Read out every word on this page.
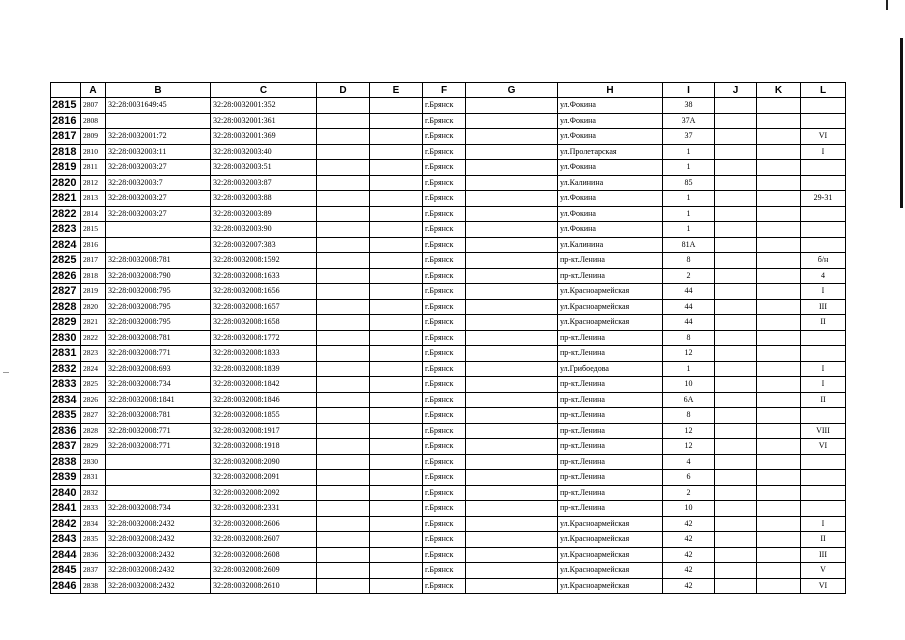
	A	B	C	D	E	F	G	H	I	J	K	L
2815	2807	32:28:0031649:45	32:28:0032001:352			г.Брянск		ул.Фокина	38			
2816	2808		32:28:0032001:361			г.Брянск		ул.Фокина	37А			
2817	2809	32:28:0032001:72	32:28:0032001:369			г.Брянск		ул.Фокина	37			VI
2818	2810	32:28:0032003:11	32:28:0032003:40			г.Брянск		ул.Пролетарская	1			I
2819	2811	32:28:0032003:27	32:28:0032003:51			г.Брянск		ул.Фокина	1			
2820	2812	32:28:0032003:7	32:28:0032003:87			г.Брянск		ул.Калинина	85			
2821	2813	32:28:0032003:27	32:28:0032003:88			г.Брянск		ул.Фокина	1			29-31
2822	2814	32:28:0032003:27	32:28:0032003:89			г.Брянск		ул.Фокина	1			
2823	2815		32:28:0032003:90			г.Брянск		ул.Фокина	1			
2824	2816		32:28:0032007:383			г.Брянск		ул.Калинина	81А			
2825	2817	32:28:0032008:781	32:28:0032008:1592			г.Брянск		пр-кт.Ленина	8			б/н
2826	2818	32:28:0032008:790	32:28:0032008:1633			г.Брянск		пр-кт.Ленина	2			4
2827	2819	32:28:0032008:795	32:28:0032008:1656			г.Брянск		ул.Красноармейская	44			I
2828	2820	32:28:0032008:795	32:28:0032008:1657			г.Брянск		ул.Красноармейская	44			III
2829	2821	32:28:0032008:795	32:28:0032008:1658			г.Брянск		ул.Красноармейская	44			II
2830	2822	32:28:0032008:781	32:28:0032008:1772			г.Брянск		пр-кт.Ленина	8			
2831	2823	32:28:0032008:771	32:28:0032008:1833			г.Брянск		пр-кт.Ленина	12			
2832	2824	32:28:0032008:693	32:28:0032008:1839			г.Брянск		ул.Грибоедова	1			I
2833	2825	32:28:0032008:734	32:28:0032008:1842			г.Брянск		пр-кт.Ленина	10			I
2834	2826	32:28:0032008:1841	32:28:0032008:1846			г.Брянск		пр-кт.Ленина	6А			II
2835	2827	32:28:0032008:781	32:28:0032008:1855			г.Брянск		пр-кт.Ленина	8			
2836	2828	32:28:0032008:771	32:28:0032008:1917			г.Брянск		пр-кт.Ленина	12			VIII
2837	2829	32:28:0032008:771	32:28:0032008:1918			г.Брянск		пр-кт.Ленина	12			VI
2838	2830		32:28:0032008:2090			г.Брянск		пр-кт.Ленина	4			
2839	2831		32:28:0032008:2091			г.Брянск		пр-кт.Ленина	6			
2840	2832		32:28:0032008:2092			г.Брянск		пр-кт.Ленина	2			
2841	2833	32:28:0032008:734	32:28:0032008:2331			г.Брянск		пр-кт.Ленина	10			
2842	2834	32:28:0032008:2432	32:28:0032008:2606			г.Брянск		ул.Красноармейская	42			I
2843	2835	32:28:0032008:2432	32:28:0032008:2607			г.Брянск		ул.Красноармейская	42			II
2844	2836	32:28:0032008:2432	32:28:0032008:2608			г.Брянск		ул.Красноармейская	42			III
2845	2837	32:28:0032008:2432	32:28:0032008:2609			г.Брянск		ул.Красноармейская	42			V
2846	2838	32:28:0032008:2432	32:28:0032008:2610			г.Брянск		ул.Красноармейская	42			VI
